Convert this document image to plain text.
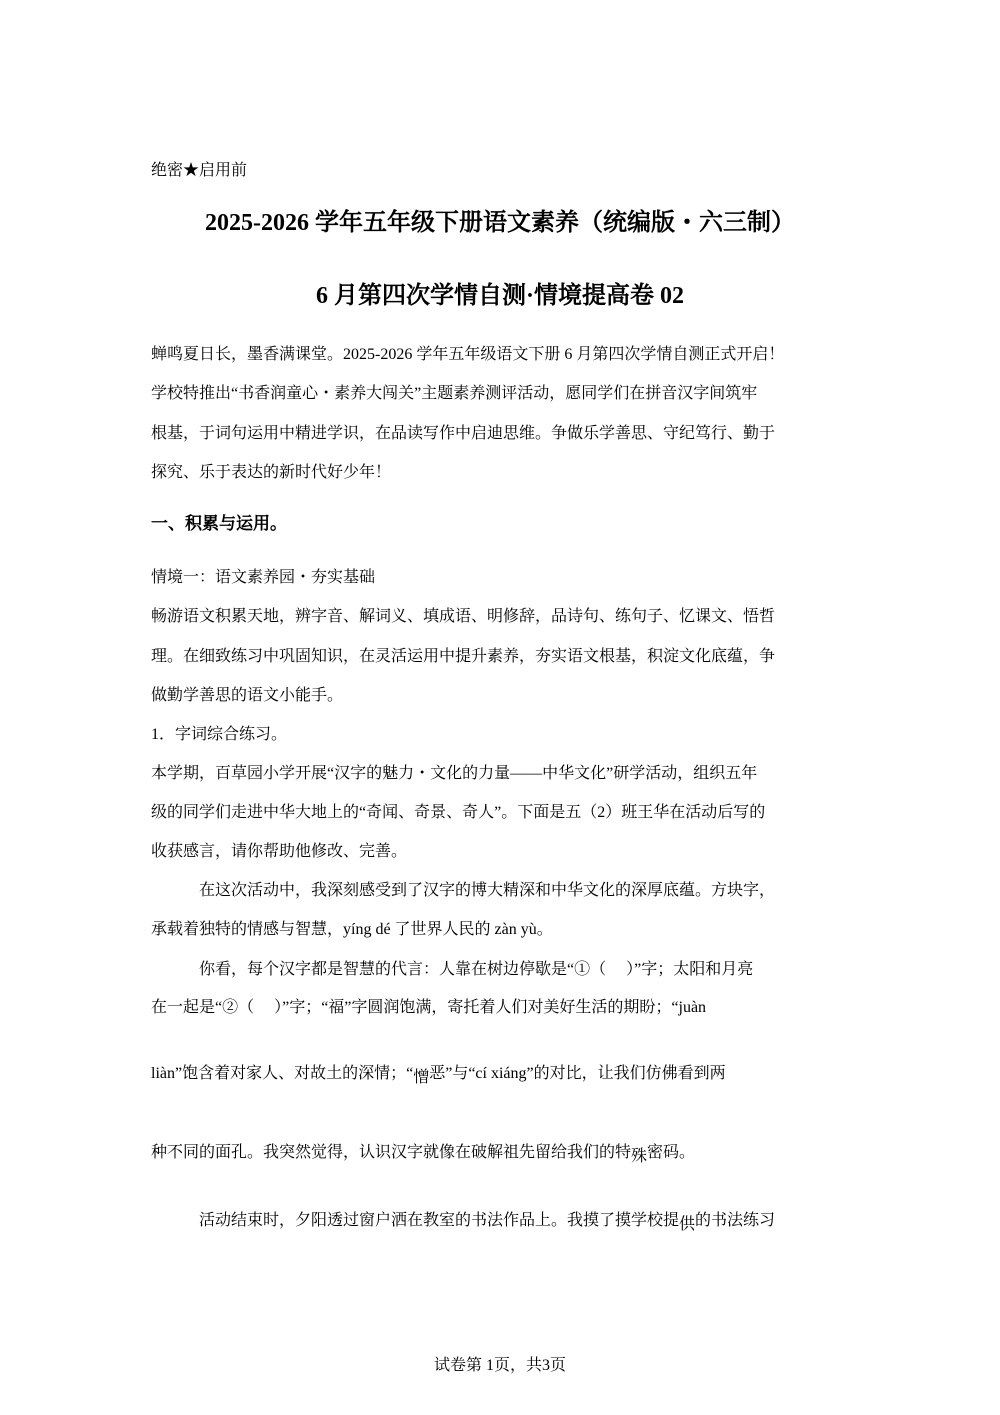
绝密★启用前
2025-2026 学年五年级下册语文素养（统编版・六三制）
6 月第四次学情自测·情境提高卷 02
蝉鸣夏日长，墨香满课堂。2025-2026 学年五年级语文下册 6 月第四次学情自测正式开启！
学校特推出“书香润童心・素养大闯关”主题素养测评活动，愿同学们在拼音汉字间筑牢
根基，于词句运用中精进学识，在品读写作中启迪思维。争做乐学善思、守纪笃行、勤于
探究、乐于表达的新时代好少年！
一、积累与运用。
情境一：语文素养园・夯实基础
畅游语文积累天地，辨字音、解词义、填成语、明修辞，品诗句、练句子、忆课文、悟哲
理。在细致练习中巩固知识，在灵活运用中提升素养，夯实语文根基，积淀文化底蕴，争
做勤学善思的语文小能手。
1．字词综合练习。
本学期，百草园小学开展“汉字的魅力・文化的力量——中华文化”研学活动，组织五年
级的同学们走进中华大地上的“奇闻、奇景、奇人”。下面是五（2）班王华在活动后写的
收获感言，请你帮助他修改、完善。
在这次活动中，我深刻感受到了汉字的博大精深和中华文化的深厚底蕴。方块字，
承载着独特的情感与智慧，yíng dé 了世界人民的 zàn yù。
你看，每个汉字都是智慧的代言：人靠在树边停歇是“①（　 ）”字；太阳和月亮
在一起是“②（　 ）”字；“福”字圆润饱满，寄托着人们对美好生活的期盼；“juàn
liàn”饱含着对家人、对故土的深情；“憎恶”与“cí xiáng”的对比，让我们仿佛看到两
种不同的面孔。我突然觉得，认识汉字就像在破解祖先留给我们的特殊密码。
活动结束时，夕阳透过窗户洒在教室的书法作品上。我摸了摸学校提供的书法练习
试卷第 1页，共3页
